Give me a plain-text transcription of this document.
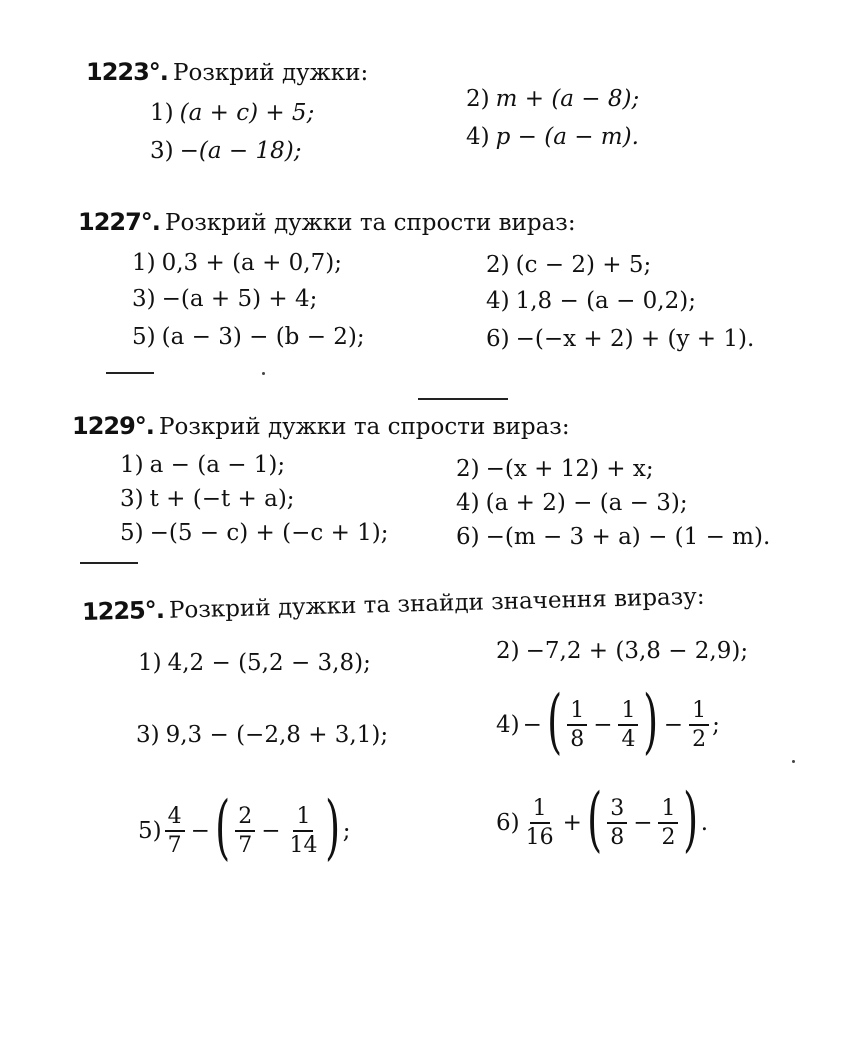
1223°. Розкрий дужки:
1) (a + c) + 5;
2) m + (a − 8);
3) −(a − 18);
4) p − (a − m).
1227°. Розкрий дужки та спрости вираз:
1) 0,3 + (a + 0,7);	2) (c − 2) + 5;
3) −(a + 5) + 4;	4) 1,8 − (a − 0,2);
5) (a − 3) − (b − 2);	6) −(−x + 2) + (y + 1).
1229°. Розкрий дужки та спрости вираз:
1) a − (a − 1);	2) −(x + 12) + x;
3) t + (−t + a);	4) (a + 2) − (a − 3);
5) −(5 − c) + (−c + 1);	6) −(m − 3 + a) − (1 − m).
1225°. Розкрий дужки та знайди значення виразу:
1) 4,2 − (5,2 − 3,8);	2) −7,2 + (3,8 − 2,9);
3) 9,3 − (−2,8 + 3,1);	4) − ( $\frac{1}{8} - \frac{1}{4}$ ) − $\frac{1}{2}$ ;
$5) \frac{4}{7}$ − ( $\frac{2}{7} - \frac{1}{14}$ ) ;	$6) \frac{1}{16}$ + ( $\frac{3}{8} - \frac{1}{2}$ ) .
